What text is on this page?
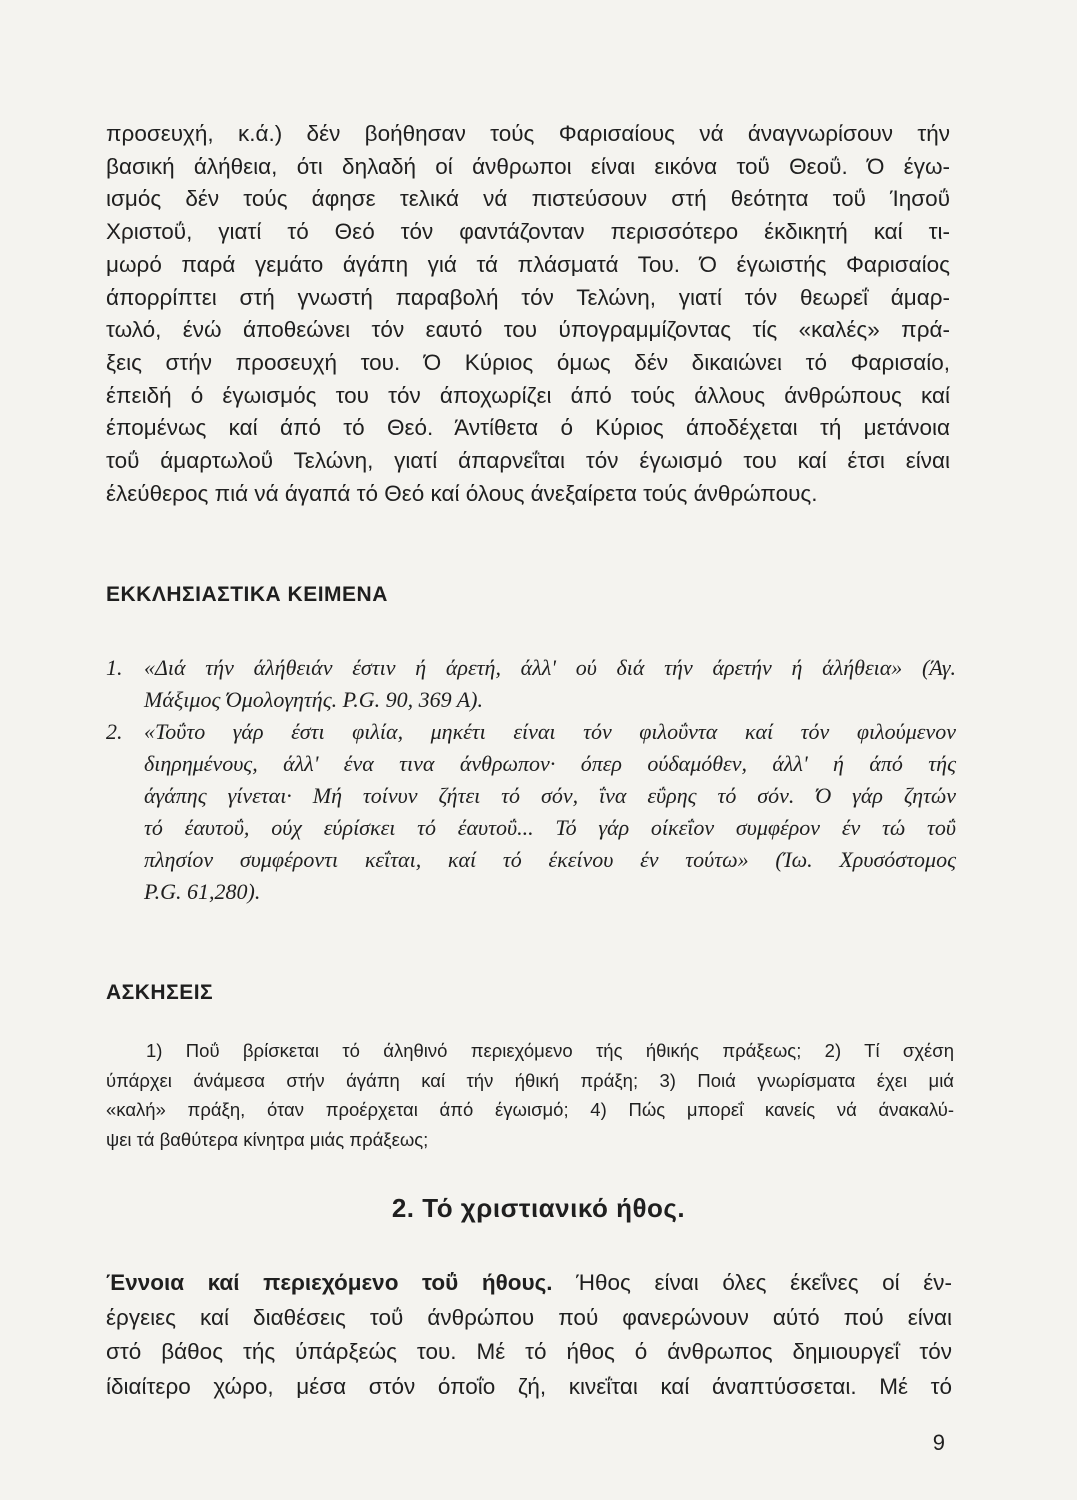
προσευχή, κ.ά.) δέν βοήθησαν τούς Φαρισαίους νά άναγνωρίσουν τήν
βασική άλήθεια, ότι δηλαδή οί άνθρωποι είναι εικόνα τοΰ Θεοΰ. Ό έγω-
ισμός δέν τούς άφησε τελικά νά πιστεύσουν στή θεότητα τοΰ Ίησοΰ
Χριστοΰ, γιατί τό Θεό τόν φαντάζονταν περισσότερο έκδικητή καί τι-
μωρό παρά γεμάτο άγάπη γιά τά πλάσματά Του. Ό έγωιστής Φαρισαίος
άπορρίπτει στή γνωστή παραβολή τόν Τελώνη, γιατί τόν θεωρεΐ άμαρ-
τωλό, ένώ άποθεώνει τόν εαυτό του ύπογραμμίζοντας τίς «καλές» πρά-
ξεις στήν προσευχή του. Ό Κύριος όμως δέν δικαιώνει τό Φαρισαίο,
έπειδή ό έγωισμός του τόν άποχωρίζει άπό τούς άλλους άνθρώπους καί
έπομένως καί άπό τό Θεό. Άντίθετα ό Κύριος άποδέχεται τή μετάνοια
τοΰ άμαρτωλοΰ Τελώνη, γιατί άπαρνεΐται τόν έγωισμό του καί έτσι είναι
έλεύθερος πιά νά άγαπά τό Θεό καί όλους άνεξαίρετα τούς άνθρώπους.

ΕΚΚΛΗΣΙΑΣΤΙΚΑ ΚΕΙΜΕΝΑ
1. «Διά τήν άλήθειάν έστιν ή άρετή, άλλ' ού διά τήν άρετήν ή άλήθεια» (Άγ.
Μάξιμος Όμολογητής. P.G. 90, 369 A).
2. «Τοΰτο γάρ έστι φιλία, μηκέτι είναι τόν φιλοΰντα καί τόν φιλούμενον
διηρημένους, άλλ' ένα τινα άνθρωπον· όπερ ούδαμόθεν, άλλ' ή άπό τής
άγάπης γίνεται· Μή τοίνυν ζήτει τό σόν, ΐνα εΰρης τό σόν. Ό γάρ ζητών
τό έαυτοΰ, ούχ εύρίσκει τό έαυτοΰ... Τό γάρ οίκεΐον συμφέρον έν τώ τοΰ
πλησίον συμφέροντι κεΐται, καί τό έκείνου έν τούτω» (Ίω. Χρυσόστομος
P.G. 61,280).
ΑΣΚΗΣΕΙΣ

1) Ποΰ βρίσκεται τό άληθινό περιεχόμενο τής ήθικής πράξεως; 2) Τί σχέση
ύπάρχει άνάμεσα στήν άγάπη καί τήν ήθική πράξη; 3) Ποιά γνωρίσματα έχει μιά
«καλή» πράξη, όταν προέρχεται άπό έγωισμό; 4) Πώς μπορεΐ κανείς νά άνακαλύ-
ψει τά βαθύτερα κίνητρα μιάς πράξεως;

2. Τό χριστιανικό ήθος.

Έννοια καί περιεχόμενο τοΰ ήθους. Ήθος είναι όλες έκεΐνες οί έν-
έργειες καί διαθέσεις τοΰ άνθρώπου πού φανερώνουν αύτό πού είναι
στό βάθος τής ύπάρξεώς του. Μέ τό ήθος ό άνθρωπος δημιουργεΐ τόν
ίδιαίτερο χώρο, μέσα στόν όποΐο ζή, κινεΐται καί άναπτύσσεται. Μέ τό

9
